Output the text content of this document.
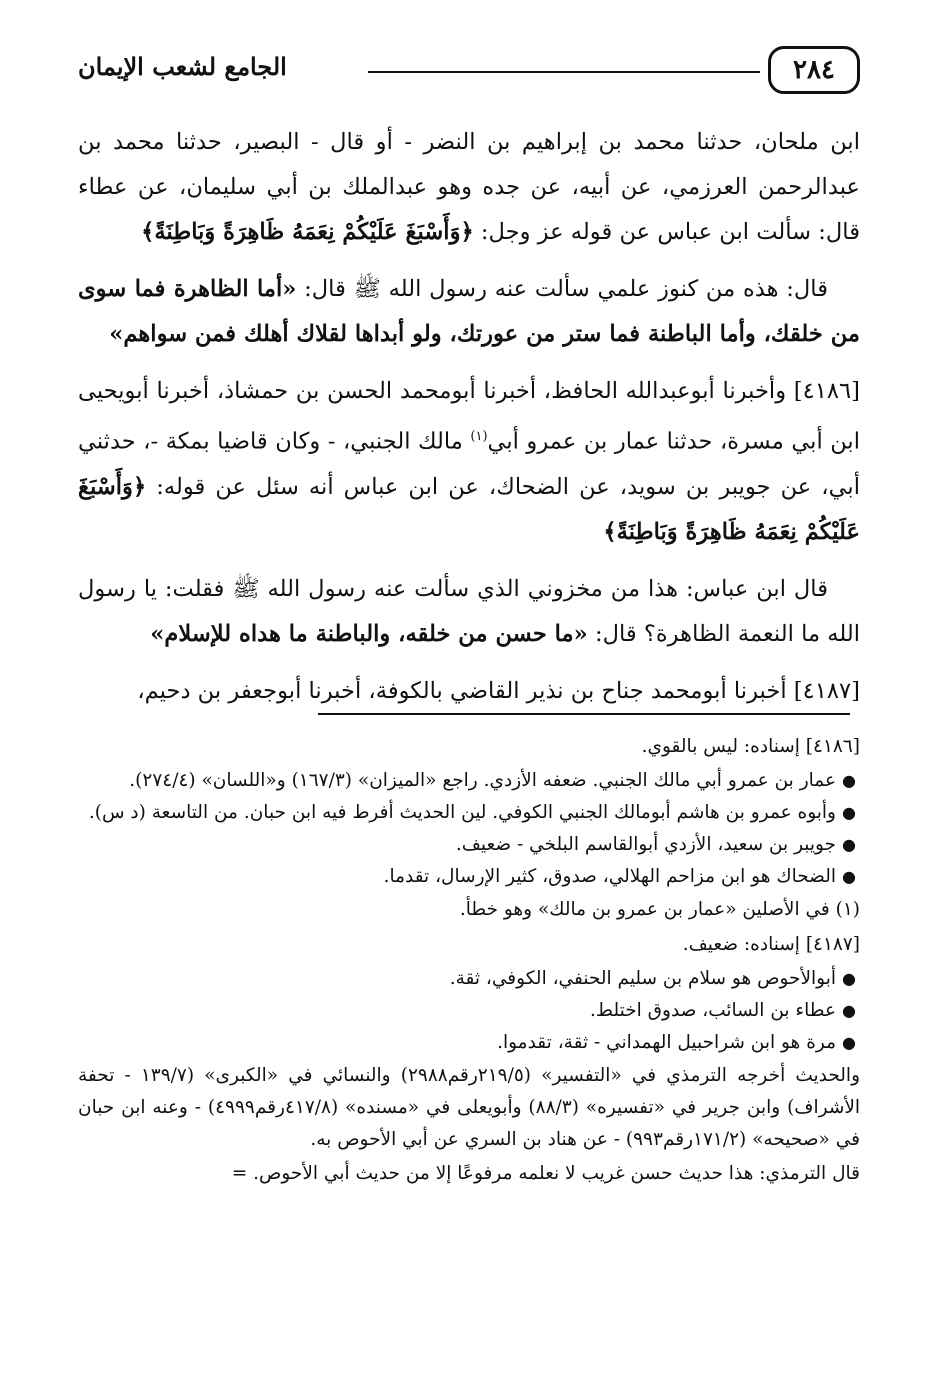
٢٨٤
الجامع لشعب الإيمان

ابن ملحان، حدثنا محمد بن إبراهيم بن النضر - أو قال - البصير، حدثنا محمد بن عبدالرحمن العرزمي، عن أبيه، عن جده وهو عبدالملك بن أبي سليمان، عن عطاء قال: سألت ابن عباس عن قوله عز وجل: ﴿وَأَسْبَغَ عَلَيْكُمْ نِعَمَهُ ظَاهِرَةً وَبَاطِنَةً﴾

قال: هذه من كنوز علمي سألت عنه رسول الله ﷺ قال: «أما الظاهرة فما سوى من خلقك، وأما الباطنة فما ستر من عورتك، ولو أبداها لقلاك أهلك فمن سواهم»

[٤١٨٦] وأخبرنا أبوعبدالله الحافظ، أخبرنا أبومحمد الحسن بن حمشاذ، أخبرنا أبويحيى ابن أبي مسرة، حدثنا عمار بن عمرو أبي$^{(١)}$ مالك الجنبي، - وكان قاضيا بمكة -، حدثني أبي، عن جويبر بن سويد، عن الضحاك، عن ابن عباس أنه سئل عن قوله: ﴿وَأَسْبَغَ عَلَيْكُمْ نِعَمَهُ ظَاهِرَةً وَبَاطِنَةً﴾

قال ابن عباس: هذا من مخزوني الذي سألت عنه رسول الله ﷺ فقلت: يا رسول الله ما النعمة الظاهرة؟ قال: «ما حسن من خلقه، والباطنة ما هداه للإسلام»

[٤١٨٧] أخبرنا أبومحمد جناح بن نذير القاضي بالكوفة، أخبرنا أبوجعفر بن دحيم،

[٤١٨٦] إسناده: ليس بالقوي.
●
عمار بن عمرو أبي مالك الجنبي. ضعفه الأزدي. راجع «الميزان» (١٦٧/٣) و«اللسان» (٢٧٤/٤).
●
وأبوه عمرو بن هاشم أبومالك الجنبي الكوفي. لين الحديث أفرط فيه ابن حبان. من التاسعة (د س).
●
جويبر بن سعيد، الأزدي أبوالقاسم البلخي - ضعيف.
●
الضحاك هو ابن مزاحم الهلالي، صدوق، كثير الإرسال، تقدما.
(١) في الأصلين «عمار بن عمرو بن مالك» وهو خطأ.
[٤١٨٧] إسناده: ضعيف.
●
أبوالأحوص هو سلام بن سليم الحنفي، الكوفي، ثقة.
●
عطاء بن السائب، صدوق اختلط.
●
مرة هو ابن شراحبيل الهمداني - ثقة، تقدموا.
والحديث أخرجه الترمذي في «التفسير» (٢١٩/٥رقم٢٩٨٨) والنسائي في «الكبرى» (١٣٩/٧ - تحفة الأشراف) وابن جرير في «تفسيره» (٨٨/٣) وأبويعلى في «مسنده» (٤١٧/٨رقم٤٩٩٩) - وعنه ابن حبان في «صحيحه» (١٧١/٢رقم٩٩٣) - عن هناد بن السري عن أبي الأحوص به.
قال الترمذي: هذا حديث حسن غريب لا نعلمه مرفوعًا إلا من حديث أبي الأحوص. =
